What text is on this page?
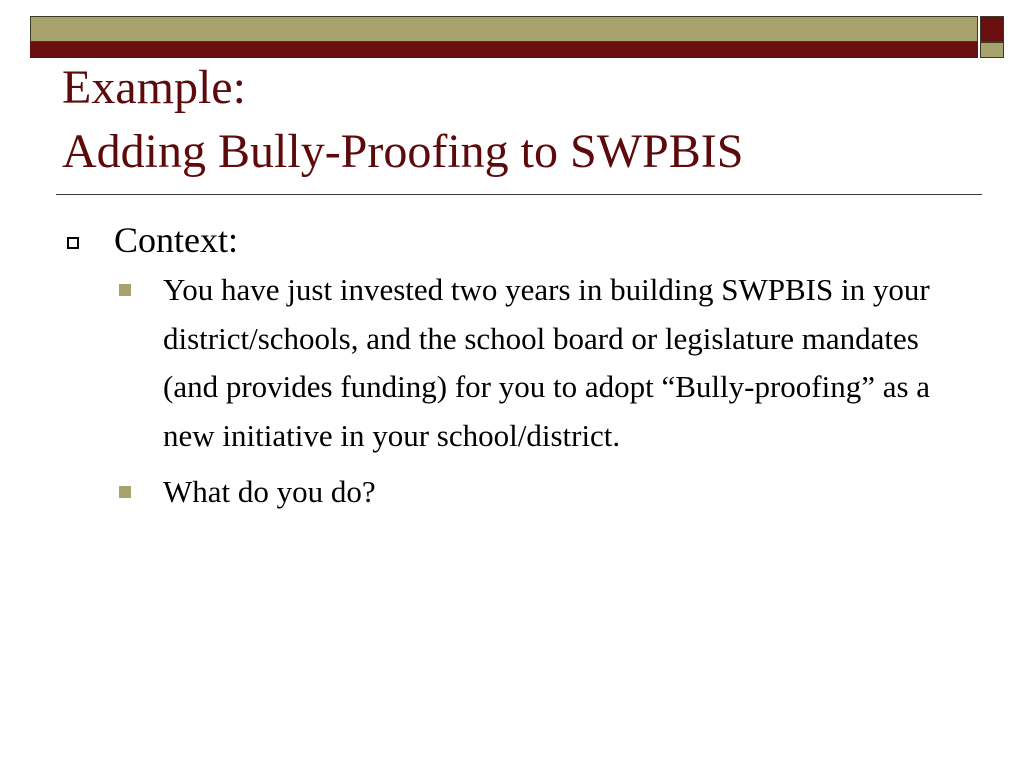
Example:
Adding Bully-Proofing to SWPBIS
Context:
You have just invested two years in building SWPBIS in your district/schools, and the school board or legislature mandates (and provides funding) for you to adopt “Bully-proofing” as a new initiative in your school/district.
What do you do?
